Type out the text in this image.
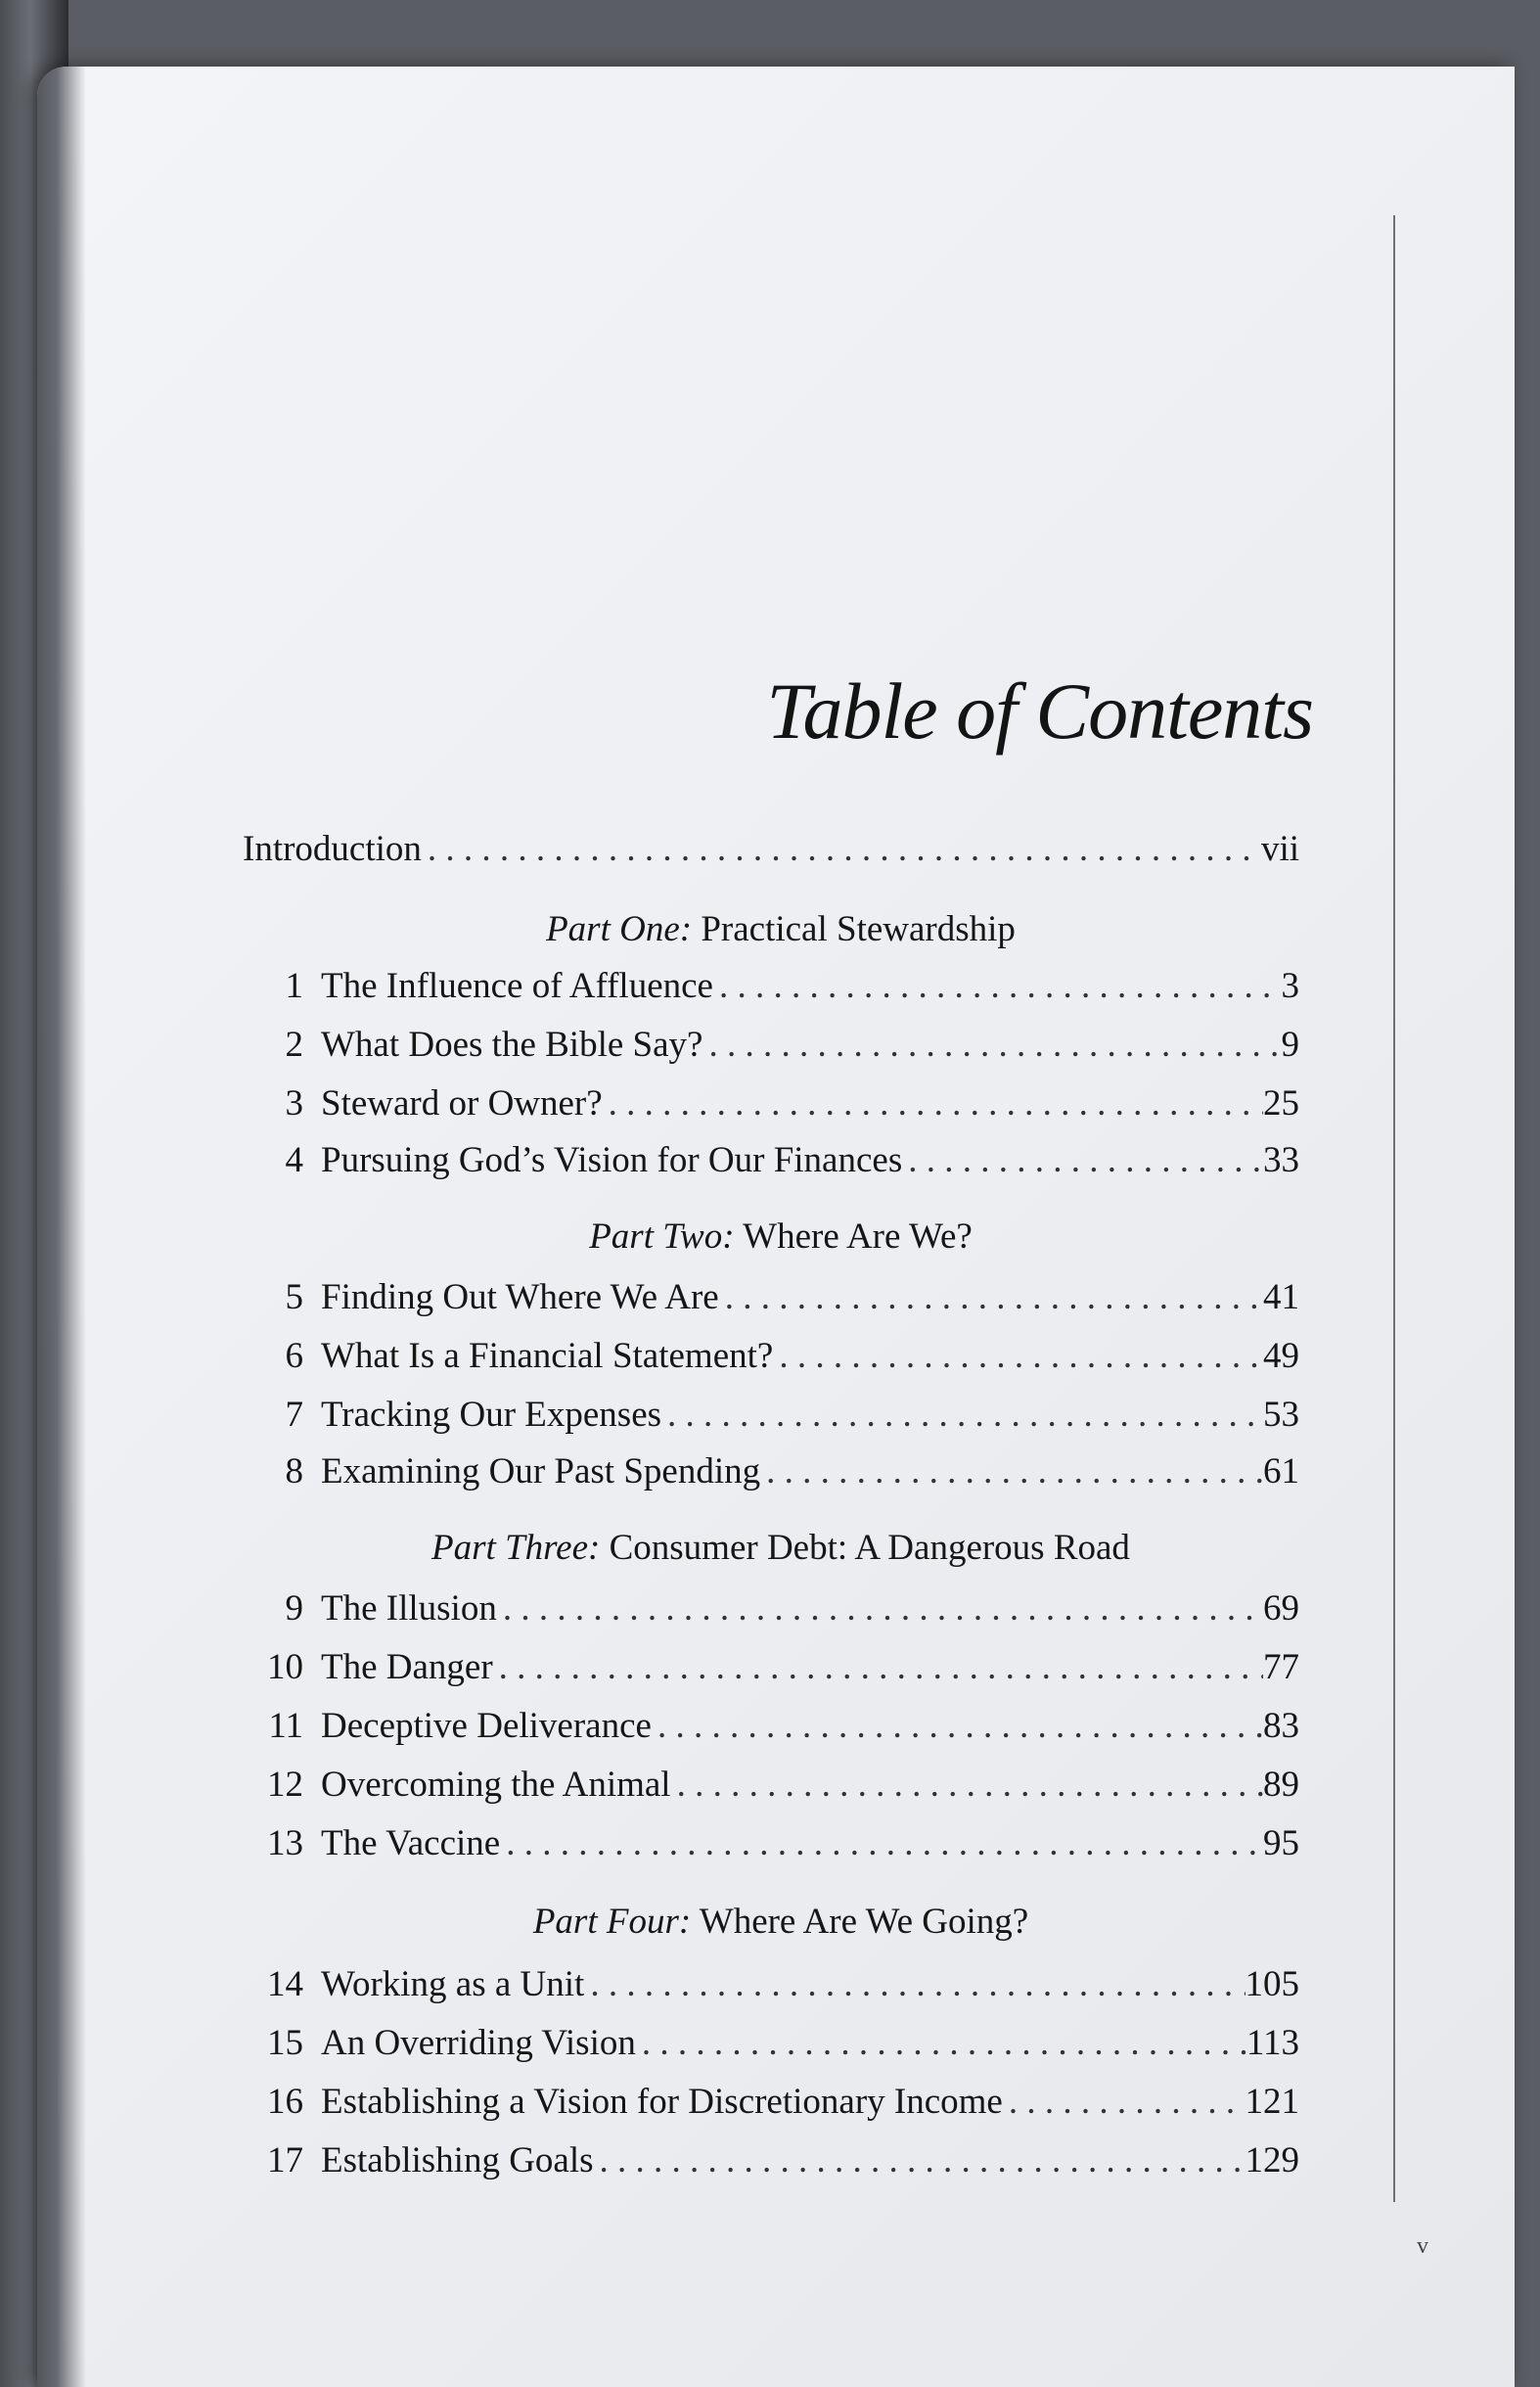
v
Table of Contents
Introduction . . .	vii
Part One: Practical Stewardship
1 The Influence of Affluence . . .	3
2 What Does the Bible Say? . . .	9
3 Steward or Owner? . . .	25
4 Pursuing God’s Vision for Our Finances . . .	33
Part Two: Where Are We?
5 Finding Out Where We Are . . .	41
6 What Is a Financial Statement? . . .	49
7 Tracking Our Expenses . . .	53
8 Examining Our Past Spending . . .	61
Part Three: Consumer Debt: A Dangerous Road
9 The Illusion . . .	69
10 The Danger . . .	77
11 Deceptive Deliverance . . .	83
12 Overcoming the Animal . . .	89
13 The Vaccine . . .	95
Part Four: Where Are We Going?
14 Working as a Unit . . .	105
15 An Overriding Vision . . .	113
16 Establishing a Vision for Discretionary Income . . .	121
17 Establishing Goals . . .	129
